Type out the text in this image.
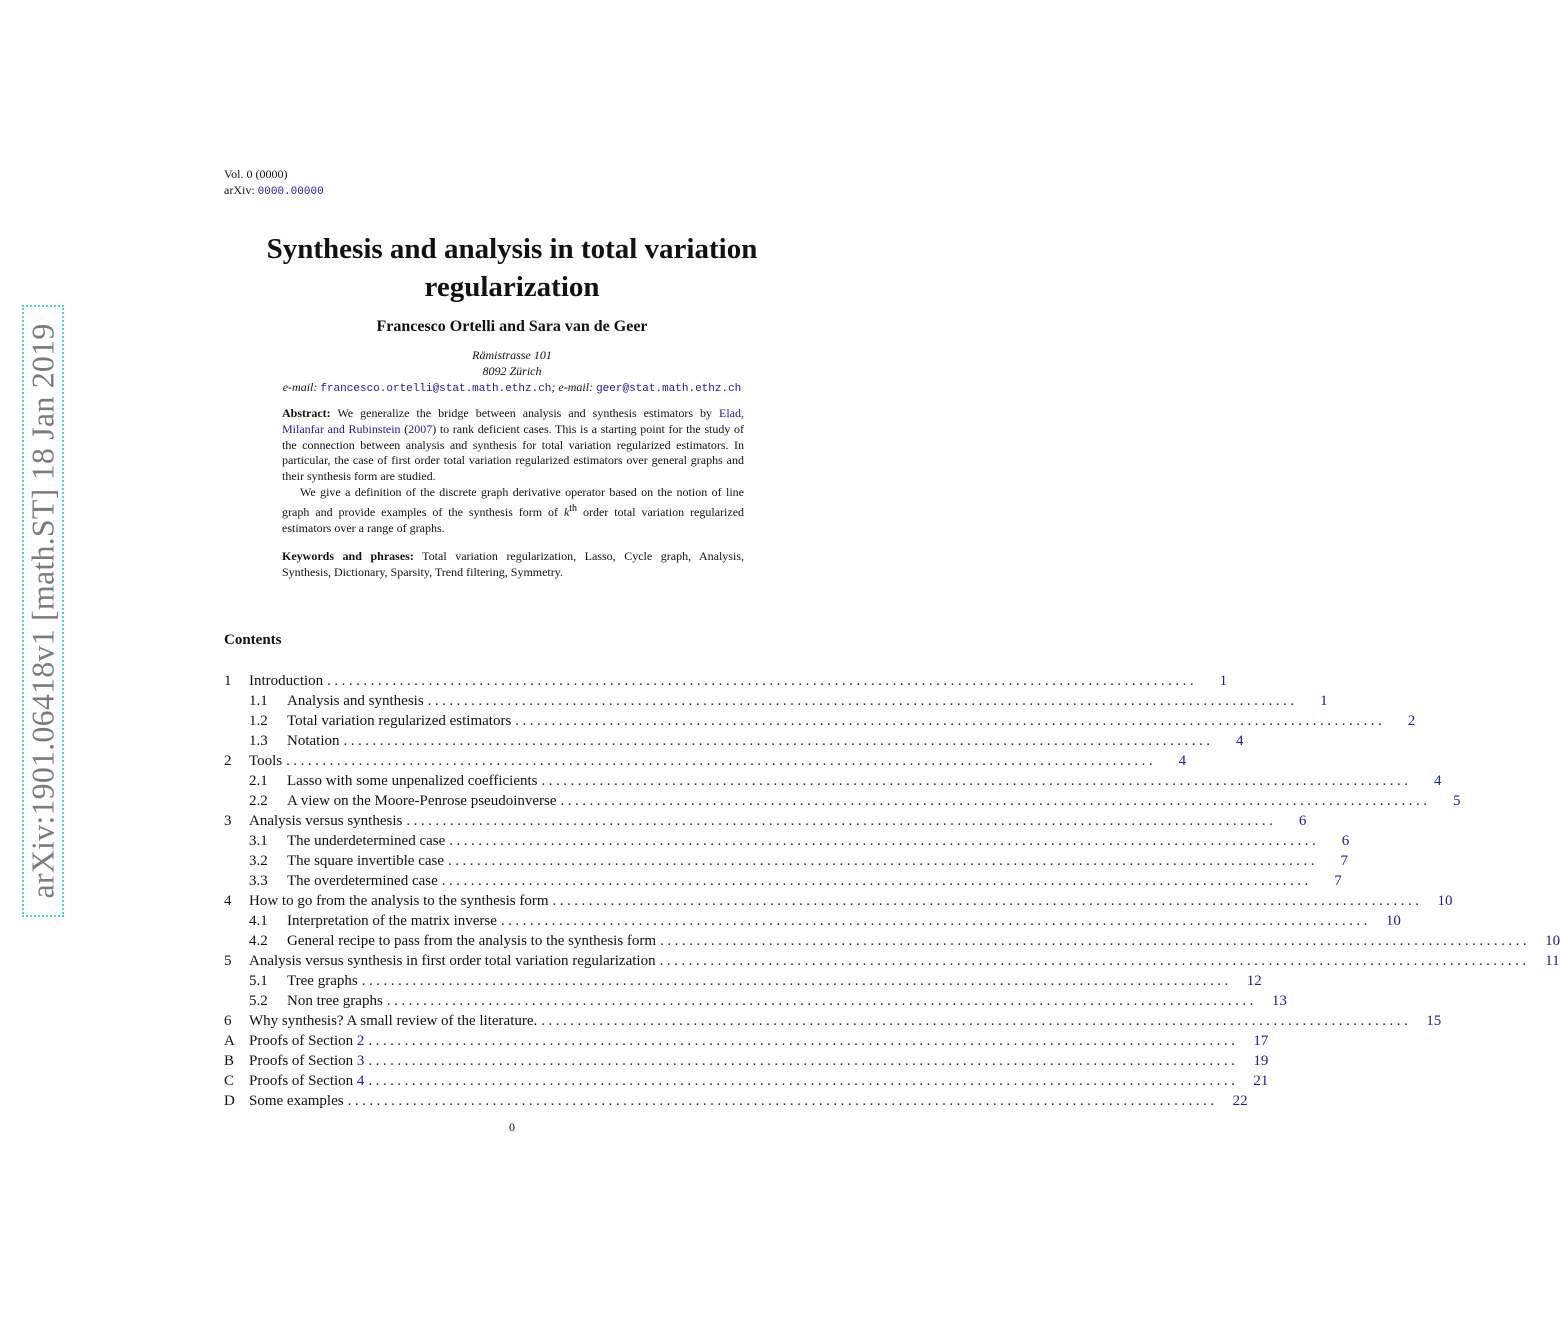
arXiv:1901.06418v1 [math.ST] 18 Jan 2019
Vol. 0 (0000)
arXiv: 0000.00000
Synthesis and analysis in total variation
regularization
Francesco Ortelli and Sara van de Geer
Rämistrasse 101
8092 Zürich
e-mail: francesco.ortelli@stat.math.ethz.ch; e-mail: geer@stat.math.ethz.ch

Abstract: We generalize the bridge between analysis and synthesis estimators by Elad, Milanfar and Rubinstein (2007) to rank deficient cases. This is a starting point for the study of the connection between analysis and synthesis for total variation regularized estimators. In particular, the case of first order total variation regularized estimators over general graphs and their synthesis form are studied.

We give a definition of the discrete graph derivative operator based on the notion of line graph and provide examples of the synthesis form of $k^{th}$ order total variation regularized estimators over a range of graphs.

Keywords and phrases: Total variation regularization, Lasso, Cycle graph, Analysis, Synthesis, Dictionary, Sparsity, Trend filtering, Symmetry.

Contents
1	Introduction ........................................................................................................................	1
1.1	Analysis and synthesis ........................................................................................................................	1
1.2	Total variation regularized estimators ........................................................................................................................	2
1.3	Notation ........................................................................................................................	4
2	Tools ........................................................................................................................	4
2.1	Lasso with some unpenalized coefficients ........................................................................................................................	4
2.2	A view on the Moore-Penrose pseudoinverse ........................................................................................................................	5
3	Analysis versus synthesis ........................................................................................................................	6
3.1	The underdetermined case ........................................................................................................................	6
3.2	The square invertible case ........................................................................................................................	7
3.3	The overdetermined case ........................................................................................................................	7
4	How to go from the analysis to the synthesis form ........................................................................................................................	10
4.1	Interpretation of the matrix inverse ........................................................................................................................	10
4.2	General recipe to pass from the analysis to the synthesis form ........................................................................................................................	10
5	Analysis versus synthesis in first order total variation regularization ........................................................................................................................	11
5.1	Tree graphs ........................................................................................................................	12
5.2	Non tree graphs ........................................................................................................................	13
6	Why synthesis? A small review of the literature. ........................................................................................................................	15
A Proofs of Section 2 ........................................................................................................................	17
B Proofs of Section 3 ........................................................................................................................	19
C Proofs of Section 4 ........................................................................................................................	21
D Some examples ........................................................................................................................	22
0
